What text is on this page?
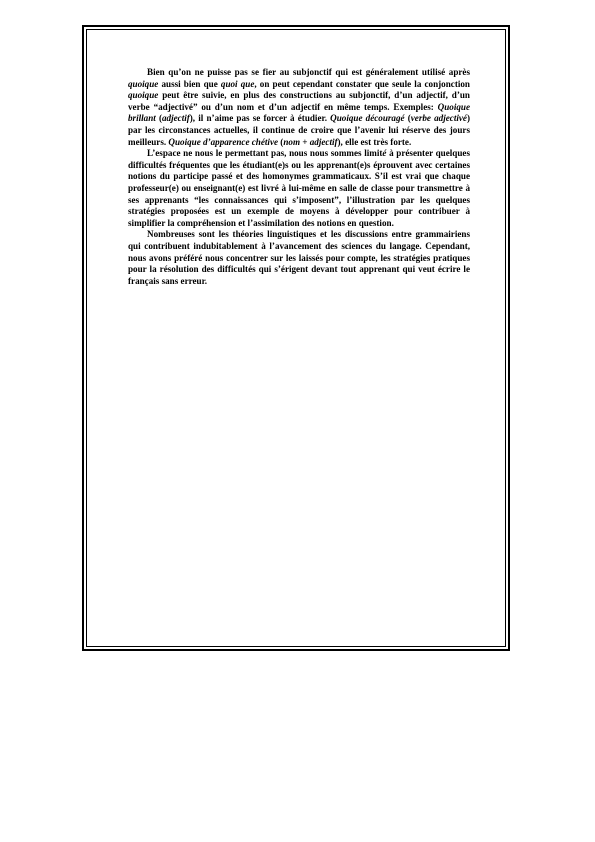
Bien qu’on ne puisse pas se fier au subjonctif qui est généralement utilisé après quoique aussi bien que quoi que, on peut cependant constater que seule la conjonction quoique peut être suivie, en plus des constructions au subjonctif, d’un adjectif, d’un verbe “adjectivé” ou d’un nom et d’un adjectif en même temps. Exemples: Quoique brillant (adjectif), il n’aime pas se forcer à étudier. Quoique découragé (verbe adjectivé) par les circonstances actuelles, il continue de croire que l’avenir lui réserve des jours meilleurs. Quoique d’apparence chétive (nom + adjectif), elle est très forte.

L’espace ne nous le permettant pas, nous nous sommes limité à présenter quelques difficultés fréquentes que les étudiant(e)s ou les apprenant(e)s éprouvent avec certaines notions du participe passé et des homonymes grammaticaux. S’il est vrai que chaque professeur(e) ou enseignant(e) est livré à lui-même en salle de classe pour transmettre à ses apprenants “les connaissances qui s’imposent”, l’illustration par les quelques stratégies proposées est un exemple de moyens à développer pour contribuer à simplifier la compréhension et l’assimilation des notions en question.

Nombreuses sont les théories linguistiques et les discussions entre grammairiens qui contribuent indubitablement à l’avancement des sciences du langage. Cependant, nous avons préféré nous concentrer sur les laissés pour compte, les stratégies pratiques pour la résolution des difficultés qui s’érigent devant tout apprenant qui veut écrire le français sans erreur.
